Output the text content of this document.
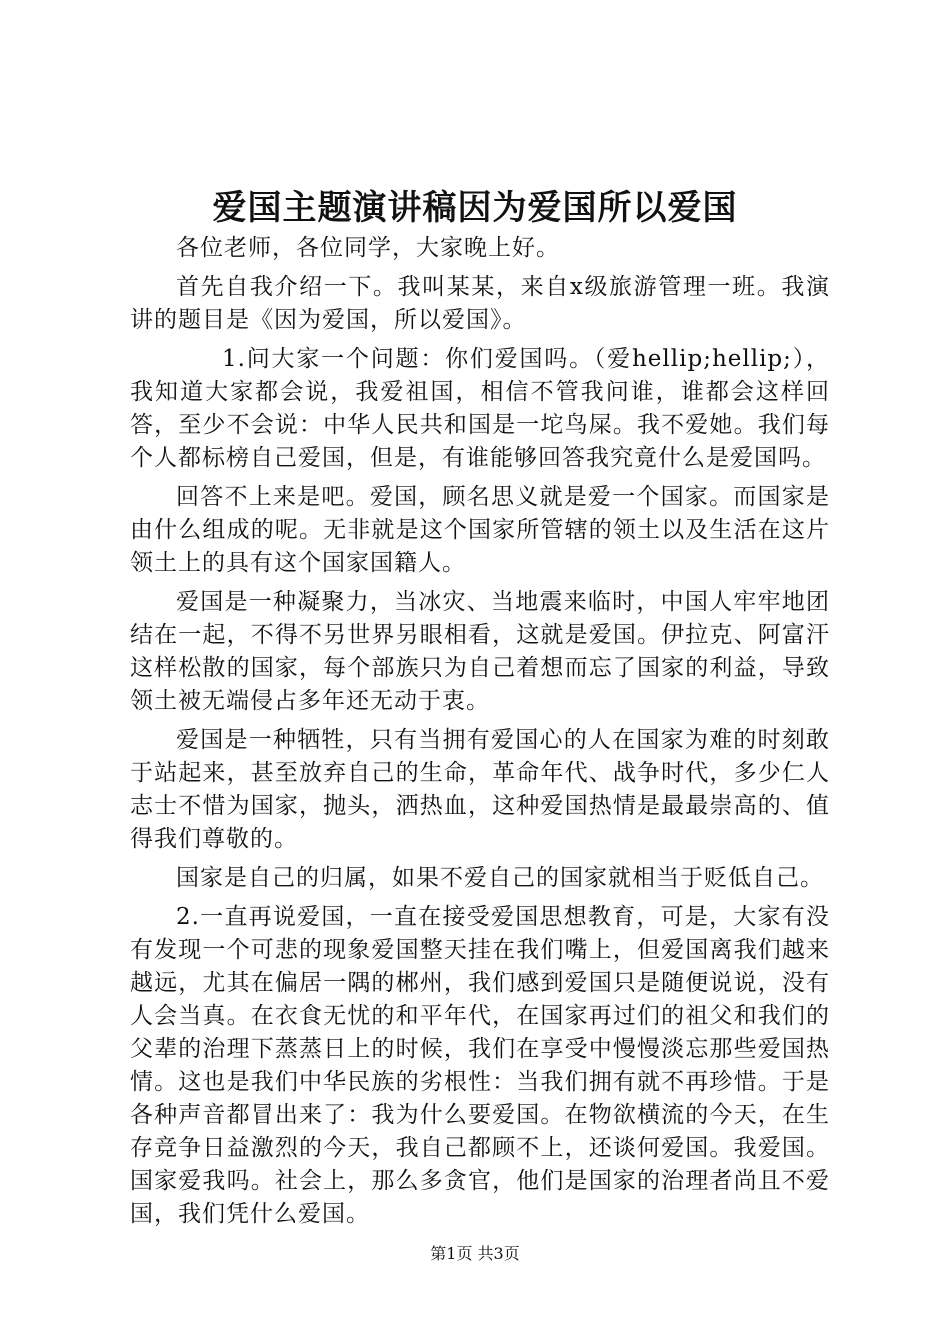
爱国主题演讲稿因为爱国所以爱国

各位老师，各位同学，大家晚上好。

首先自我介绍一下。我叫某某，来自x级旅游管理一班。我演讲的题目是《因为爱国，所以爱国》。

1.问大家一个问题：你们爱国吗。（爱hellip;hellip;），我知道大家都会说，我爱祖国，相信不管我问谁，谁都会这样回答，至少不会说：中华人民共和国是一坨鸟屎。我不爱她。我们每个人都标榜自己爱国，但是，有谁能够回答我究竟什么是爱国吗。

回答不上来是吧。爱国，顾名思义就是爱一个国家。而国家是由什么组成的呢。无非就是这个国家所管辖的领土以及生活在这片领土上的具有这个国家国籍人。

爱国是一种凝聚力，当冰灾、当地震来临时，中国人牢牢地团结在一起，不得不另世界另眼相看，这就是爱国。伊拉克、阿富汗这样松散的国家，每个部族只为自己着想而忘了国家的利益，导致领土被无端侵占多年还无动于衷。

爱国是一种牺牲，只有当拥有爱国心的人在国家为难的时刻敢于站起来，甚至放弃自己的生命，革命年代、战争时代，多少仁人志士不惜为国家，抛头，洒热血，这种爱国热情是最最崇高的、值得我们尊敬的。

国家是自己的归属，如果不爱自己的国家就相当于贬低自己。

2.一直再说爱国，一直在接受爱国思想教育，可是，大家有没有发现一个可悲的现象爱国整天挂在我们嘴上，但爱国离我们越来越远，尤其在偏居一隅的郴州，我们感到爱国只是随便说说，没有人会当真。在衣食无忧的和平年代，在国家再过们的祖父和我们的父辈的治理下蒸蒸日上的时候，我们在享受中慢慢淡忘那些爱国热情。这也是我们中华民族的劣根性：当我们拥有就不再珍惜。于是各种声音都冒出来了：我为什么要爱国。在物欲横流的今天，在生存竞争日益激烈的今天，我自己都顾不上，还谈何爱国。我爱国。国家爱我吗。社会上，那么多贪官，他们是国家的治理者尚且不爱国，我们凭什么爱国。

第1页 共3页
